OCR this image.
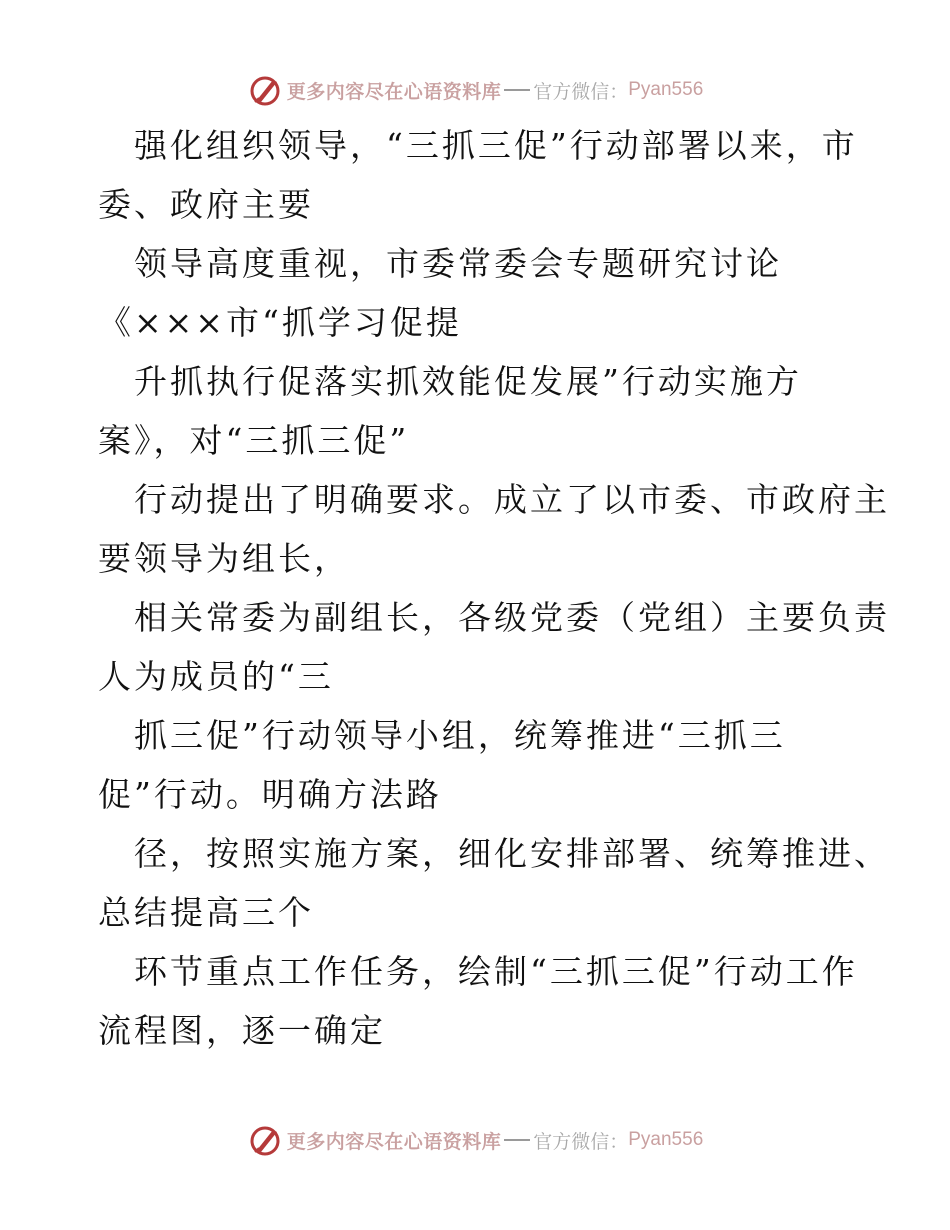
更多内容尽在心语资料库 官方微信： Pyan556
强化组织领导，“三抓三促”行动部署以来，市
委、政府主要
领导高度重视，市委常委会专题研究讨论
《×××市“抓学习促提
升抓执行促落实抓效能促发展”行动实施方
案》，对“三抓三促”
行动提出了明确要求。成立了以市委、市政府主
要领导为组长，
相关常委为副组长，各级党委（党组）主要负责
人为成员的“三
抓三促”行动领导小组，统筹推进“三抓三
促”行动。明确方法路
径，按照实施方案，细化安排部署、统筹推进、
总结提高三个
环节重点工作任务，绘制“三抓三促”行动工作
流程图，逐一确定
更多内容尽在心语资料库 官方微信： Pyan556
